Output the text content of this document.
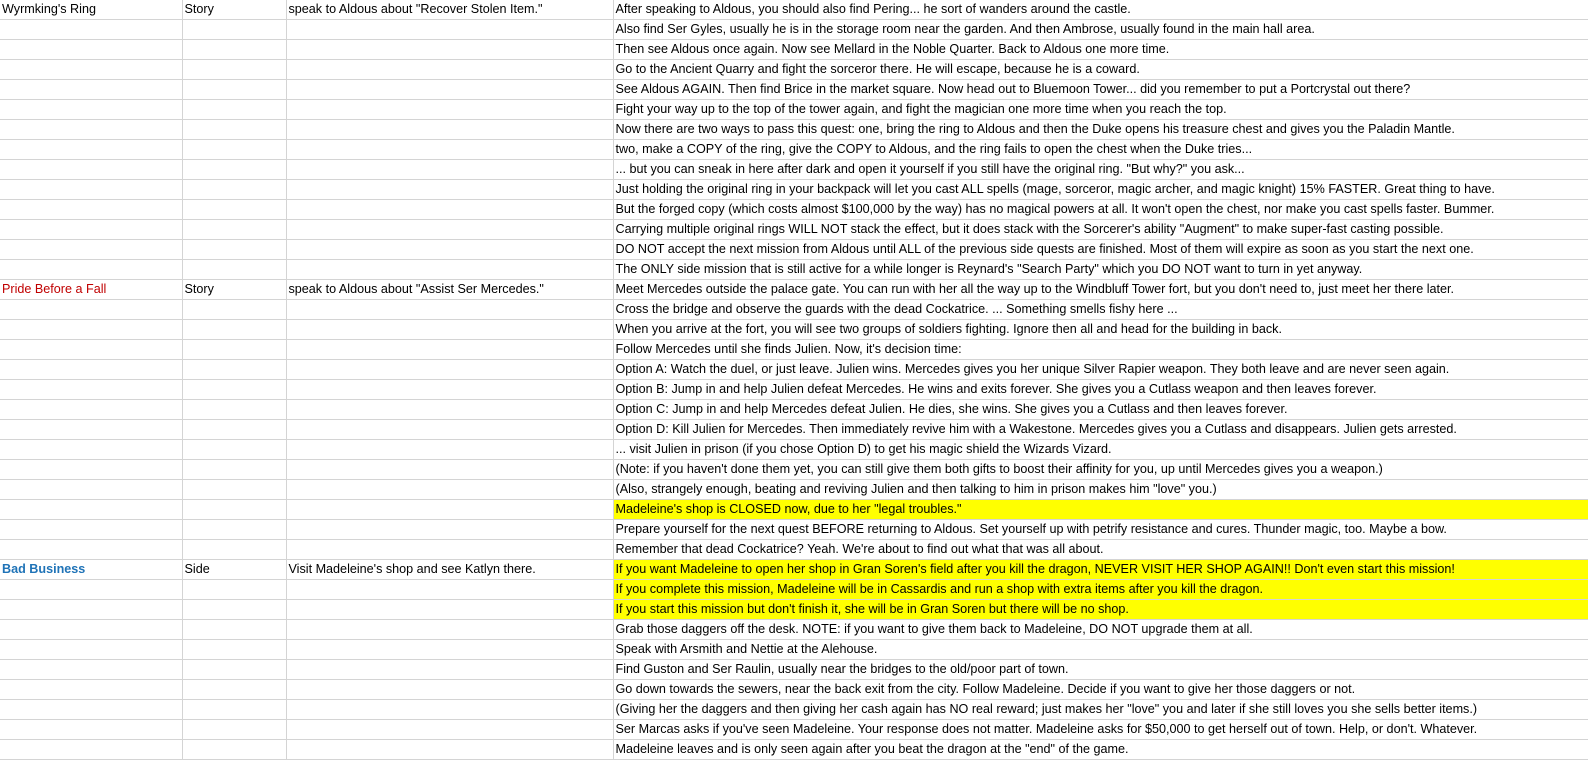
Wyrmking's Ring	Story	speak to Aldous about "Recover Stolen Item."	After speaking to Aldous, you should also find Pering... he sort of wanders around the castle.
			Also find Ser Gyles, usually he is in the storage room near the garden. And then Ambrose, usually found in the main hall area.
			Then see Aldous once again. Now see Mellard in the Noble Quarter. Back to Aldous one more time.
			Go to the Ancient Quarry and fight the sorceror there. He will escape, because he is a coward.
			See Aldous AGAIN. Then find Brice in the market square. Now head out to Bluemoon Tower... did you remember to put a Portcrystal out there?
			Fight your way up to the top of the tower again, and fight the magician one more time when you reach the top.
			Now there are two ways to pass this quest: one, bring the ring to Aldous and then the Duke opens his treasure chest and gives you the Paladin Mantle.
			two, make a COPY of the ring, give the COPY to Aldous, and the ring fails to open the chest when the Duke tries...
			... but you can sneak in here after dark and open it yourself if you still have the original ring. "But why?" you ask...
			Just holding the original ring in your backpack will let you cast ALL spells (mage, sorceror, magic archer, and magic knight) 15% FASTER. Great thing to have.
			But the forged copy (which costs almost $100,000 by the way) has no magical powers at all. It won't open the chest, nor make you cast spells faster. Bummer.
			Carrying multiple original rings WILL NOT stack the effect, but it does stack with the Sorcerer's ability "Augment" to make super-fast casting possible.
			DO NOT accept the next mission from Aldous until ALL of the previous side quests are finished. Most of them will expire as soon as you start the next one.
			The ONLY side mission that is still active for a while longer is Reynard's "Search Party" which you DO NOT want to turn in yet anyway.
Pride Before a Fall	Story	speak to Aldous about "Assist Ser Mercedes."	Meet Mercedes outside the palace gate. You can run with her all the way up to the Windbluff Tower fort, but you don't need to, just meet her there later.
			Cross the bridge and observe the guards with the dead Cockatrice. ... Something smells fishy here ...
			When you arrive at the fort, you will see two groups of soldiers fighting. Ignore then all and head for the building in back.
			Follow Mercedes until she finds Julien. Now, it's decision time:
			Option A: Watch the duel, or just leave. Julien wins. Mercedes gives you her unique Silver Rapier weapon. They both leave and are never seen again.
			Option B: Jump in and help Julien defeat Mercedes. He wins and exits forever. She gives you a Cutlass weapon and then leaves forever.
			Option C: Jump in and help Mercedes defeat Julien. He dies, she wins. She gives you a Cutlass and then leaves forever.
			Option D: Kill Julien for Mercedes. Then immediately revive him with a Wakestone. Mercedes gives you a Cutlass and disappears. Julien gets arrested.
			... visit Julien in prison (if you chose Option D) to get his magic shield the Wizards Vizard.
			(Note: if you haven't done them yet, you can still give them both gifts to boost their affinity for you, up until Mercedes gives you a weapon.)
			(Also, strangely enough, beating and reviving Julien and then talking to him in prison makes him "love" you.)
			Madeleine's shop is CLOSED now, due to her "legal troubles."
			Prepare yourself for the next quest BEFORE returning to Aldous. Set yourself up with petrify resistance and cures. Thunder magic, too. Maybe a bow.
			Remember that dead Cockatrice? Yeah. We're about to find out what that was all about.
Bad Business	Side	Visit Madeleine's shop and see Katlyn there.	If you want Madeleine to open her shop in Gran Soren's field after you kill the dragon, NEVER VISIT HER SHOP AGAIN!! Don't even start this mission!
			If you complete this mission, Madeleine will be in Cassardis and run a shop with extra items after you kill the dragon.
			If you start this mission but don't finish it, she will be in Gran Soren but there will be no shop.
			Grab those daggers off the desk. NOTE: if you want to give them back to Madeleine, DO NOT upgrade them at all.
			Speak with Arsmith and Nettie at the Alehouse.
			Find Guston and Ser Raulin, usually near the bridges to the old/poor part of town.
			Go down towards the sewers, near the back exit from the city. Follow Madeleine. Decide if you want to give her those daggers or not.
			(Giving her the daggers and then giving her cash again has NO real reward; just makes her "love" you and later if she still loves you she sells better items.)
			Ser Marcas asks if you've seen Madeleine. Your response does not matter. Madeleine asks for $50,000 to get herself out of town. Help, or don't. Whatever.
			Madeleine leaves and is only seen again after you beat the dragon at the "end" of the game.
